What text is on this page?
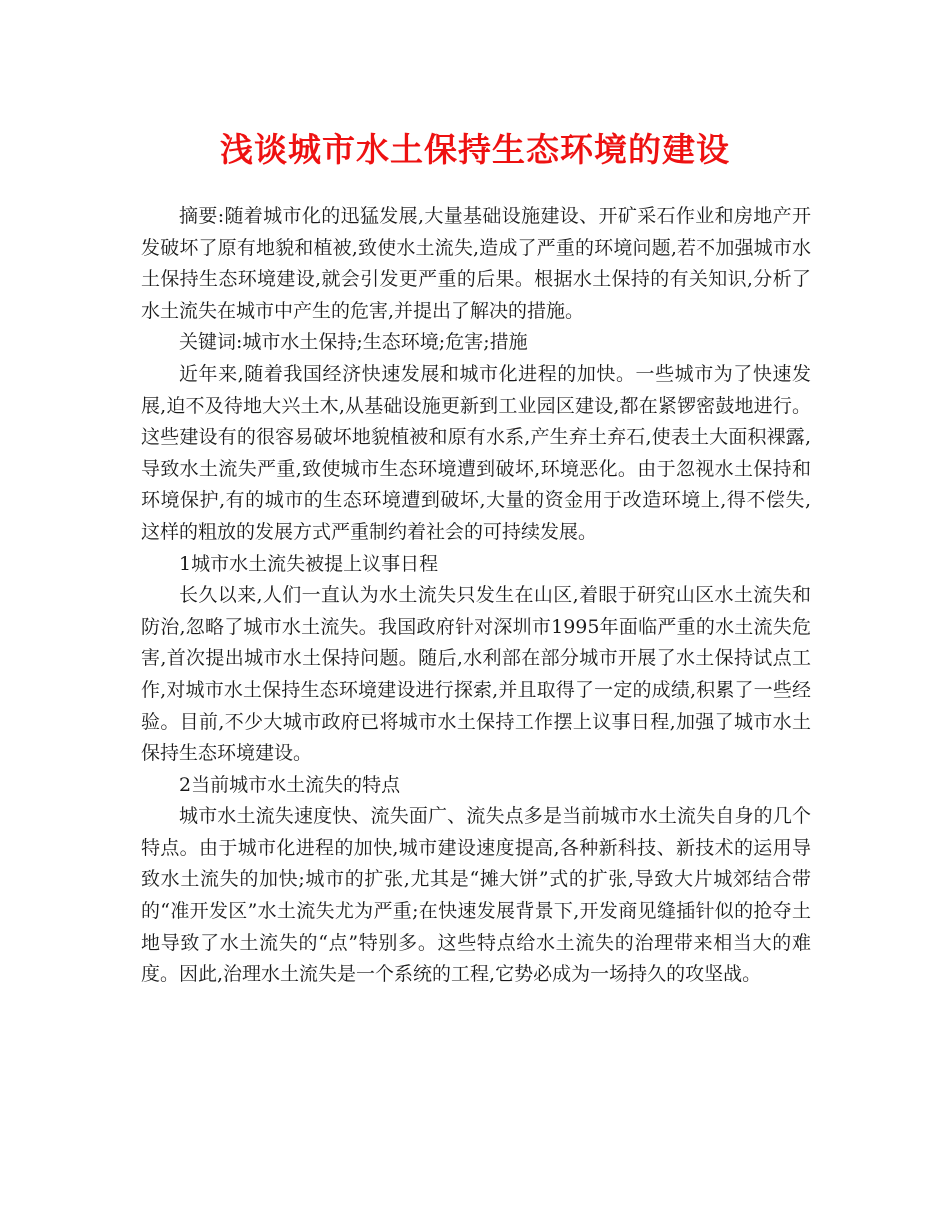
浅谈城市水土保持生态环境的建设

摘要:随着城市化的迅猛发展,大量基础设施建设、开矿采石作业和房地产开发破坏了原有地貌和植被,致使水土流失,造成了严重的环境问题,若不加强城市水土保持生态环境建设,就会引发更严重的后果。根据水土保持的有关知识,分析了水土流失在城市中产生的危害,并提出了解决的措施。

关键词:城市水土保持;生态环境;危害;措施

近年来,随着我国经济快速发展和城市化进程的加快。一些城市为了快速发展,迫不及待地大兴土木,从基础设施更新到工业园区建设,都在紧锣密鼓地进行。这些建设有的很容易破坏地貌植被和原有水系,产生弃土弃石,使表土大面积裸露,导致水土流失严重,致使城市生态环境遭到破坏,环境恶化。由于忽视水土保持和环境保护,有的城市的生态环境遭到破坏,大量的资金用于改造环境上,得不偿失,这样的粗放的发展方式严重制约着社会的可持续发展。

1城市水土流失被提上议事日程

长久以来,人们一直认为水土流失只发生在山区,着眼于研究山区水土流失和防治,忽略了城市水土流失。我国政府针对深圳市1995年面临严重的水土流失危害,首次提出城市水土保持问题。随后,水利部在部分城市开展了水土保持试点工作,对城市水土保持生态环境建设进行探索,并且取得了一定的成绩,积累了一些经验。目前,不少大城市政府已将城市水土保持工作摆上议事日程,加强了城市水土保持生态环境建设。

2当前城市水土流失的特点

城市水土流失速度快、流失面广、流失点多是当前城市水土流失自身的几个特点。由于城市化进程的加快,城市建设速度提高,各种新科技、新技术的运用导致水土流失的加快;城市的扩张,尤其是“摊大饼”式的扩张,导致大片城郊结合带的“准开发区”水土流失尤为严重;在快速发展背景下,开发商见缝插针似的抢夺土地导致了水土流失的“点”特别多。这些特点给水土流失的治理带来相当大的难度。因此,治理水土流失是一个系统的工程,它势必成为一场持久的攻坚战。
